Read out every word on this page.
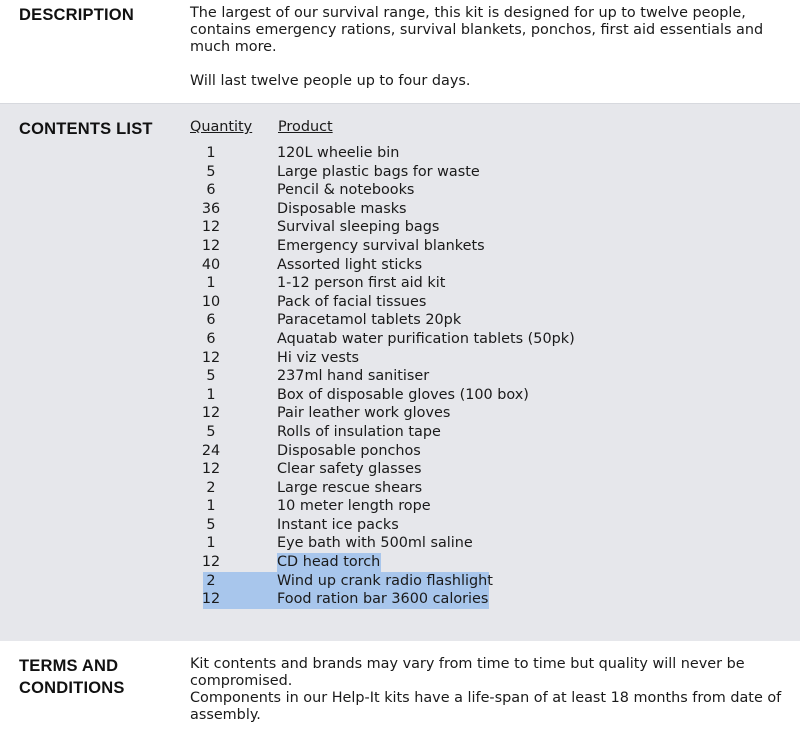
DESCRIPTION	The largest of our survival range, this kit is designed for up to twelve people, contains emergency rations, survival blankets, ponchos, first aid essentials and much more.
Will last twelve people up to four days.
CONTENTS LIST	Quantity Product
1	120L wheelie bin
5	Large plastic bags for waste
6	Pencil & notebooks
36	Disposable masks
12	Survival sleeping bags
12	Emergency survival blankets
40	Assorted light sticks
1	1-12 person first aid kit
10	Pack of facial tissues
6	Paracetamol tablets 20pk
6	Aquatab water purification tablets (50pk)
12	Hi viz vests
5	237ml hand sanitiser
1	Box of disposable gloves (100 box)
12	Pair leather work gloves
5	Rolls of insulation tape
24	Disposable ponchos
12	Clear safety glasses
2	Large rescue shears
1	10 meter length rope
5	Instant ice packs
1	Eye bath with 500ml saline
12	CD head torch
2	Wind up crank radio flashlight
12	Food ration bar 3600 calories
TERMS AND
CONDITIONS
Kit contents and brands may vary from time to time but quality will never be compromised.
Components in our Help-It kits have a life-span of at least 18 months from date of assembly.
